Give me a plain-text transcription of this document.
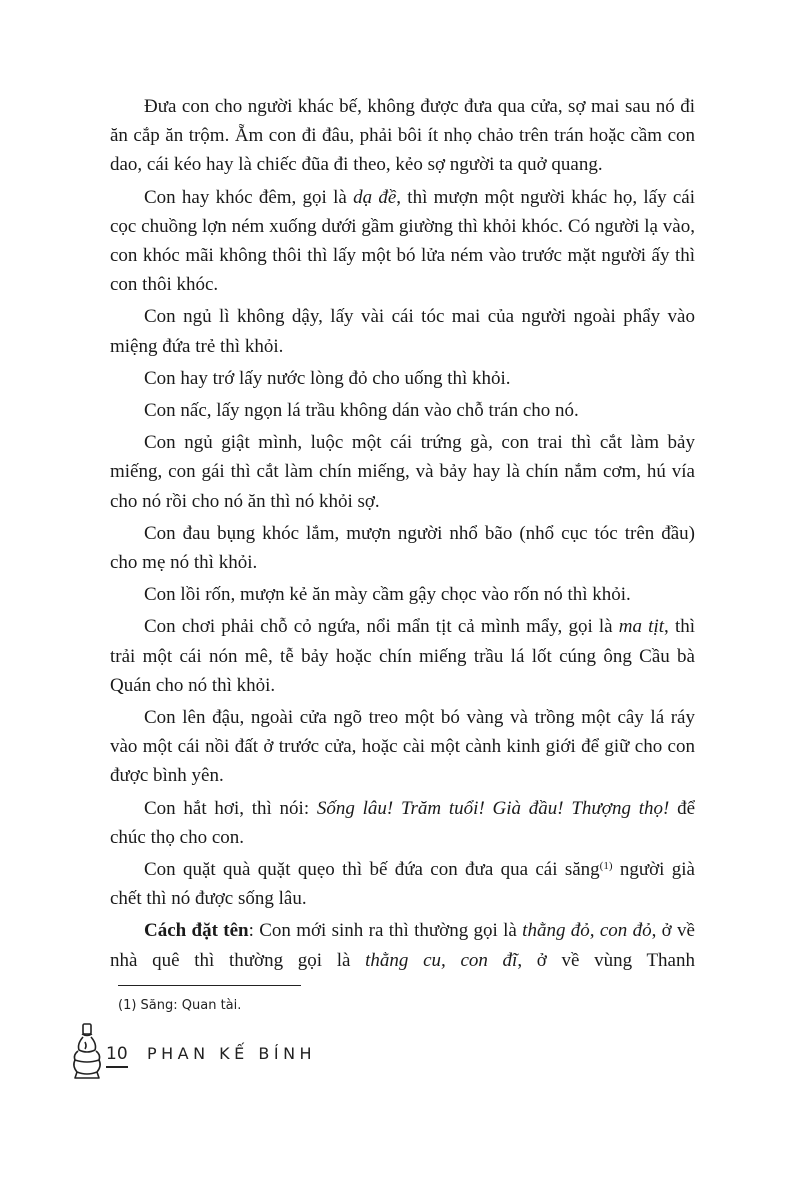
Đưa con cho người khác bế, không được đưa qua cửa, sợ mai sau nó đi ăn cắp ăn trộm. Ẵm con đi đâu, phải bôi ít nhọ chảo trên trán hoặc cầm con dao, cái kéo hay là chiếc đũa đi theo, kẻo sợ người ta quở quang.

Con hay khóc đêm, gọi là dạ đề, thì mượn một người khác họ, lấy cái cọc chuồng lợn ném xuống dưới gầm giường thì khỏi khóc. Có người lạ vào, con khóc mãi không thôi thì lấy một bó lửa ném vào trước mặt người ấy thì con thôi khóc.

Con ngủ lì không dậy, lấy vài cái tóc mai của người ngoài phẩy vào miệng đứa trẻ thì khỏi.

Con hay trớ lấy nước lòng đỏ cho uống thì khỏi.

Con nấc, lấy ngọn lá trầu không dán vào chỗ trán cho nó.

Con ngủ giật mình, luộc một cái trứng gà, con trai thì cắt làm bảy miếng, con gái thì cắt làm chín miếng, và bảy hay là chín nắm cơm, hú vía cho nó rồi cho nó ăn thì nó khỏi sợ.

Con đau bụng khóc lắm, mượn người nhổ bão (nhổ cục tóc trên đầu) cho mẹ nó thì khỏi.

Con lồi rốn, mượn kẻ ăn mày cầm gậy chọc vào rốn nó thì khỏi.

Con chơi phải chỗ cỏ ngứa, nổi mẩn tịt cả mình mẩy, gọi là ma tịt, thì trải một cái nón mê, tễ bảy hoặc chín miếng trầu lá lốt cúng ông Cầu bà Quán cho nó thì khỏi.

Con lên đậu, ngoài cửa ngõ treo một bó vàng và trồng một cây lá ráy vào một cái nồi đất ở trước cửa, hoặc cài một cành kinh giới để giữ cho con được bình yên.

Con hắt hơi, thì nói: Sống lâu! Trăm tuổi! Già đầu! Thượng thọ! để chúc thọ cho con.

Con quặt quà quặt quẹo thì bế đứa con đưa qua cái săng$^{(1)}$ người già chết thì nó được sống lâu.

Cách đặt tên: Con mới sinh ra thì thường gọi là thằng đỏ, con đỏ, ở về nhà quê thì thường gọi là thằng cu, con đĩ, ở về vùng Thanh

(1) Săng: Quan tài.

10 PHAN KẾ BÍNH
